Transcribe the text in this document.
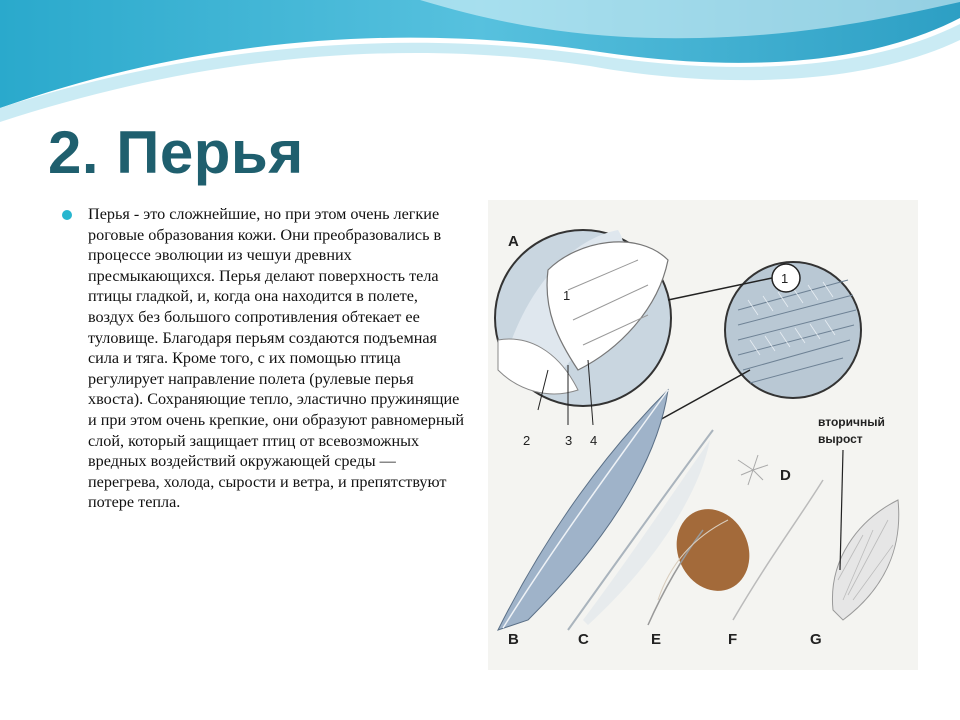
2. Перья

Перья - это сложнейшие, но при этом очень легкие роговые образования кожи. Они преобразовались в процессе эволюции из чешуи древних пресмыкающихся. Перья делают поверхность тела птицы гладкой, и, когда она находится в полете, воздух без большого сопротивления обтекает ее туловище. Благодаря перьям создаются подъемная сила и тяга. Кроме того, с их помощью птица регулирует направление полета (рулевые перья хвоста). Сохраняющие тепло, эластично пружинящие и при этом очень крепкие, они образуют равномерный слой, который защищает птиц от всевозможных вредных воздействий окружающей среды — перегрева, холода, сырости и ветра, и препятствуют потере тепла.

A
1
1
2	3 4
D
вторичный
вырост
B	C	E	F	G
